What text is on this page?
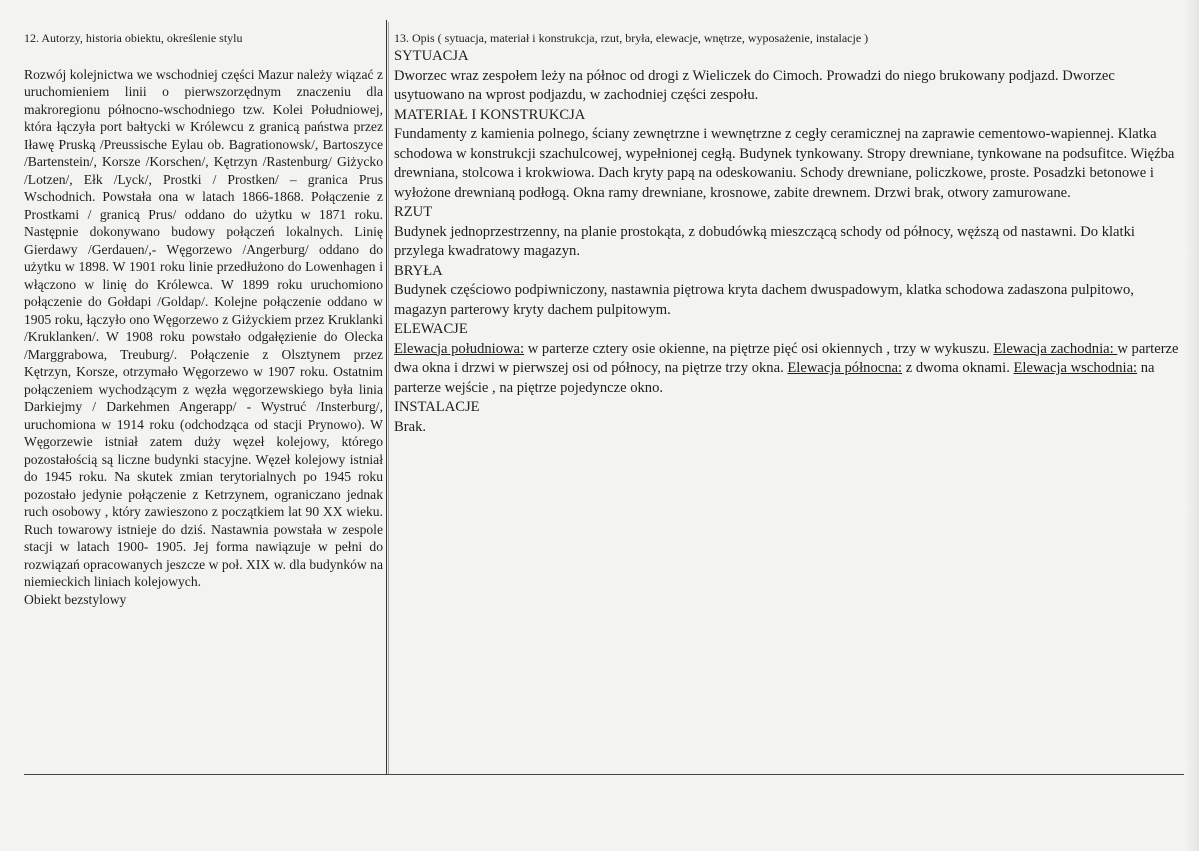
12. Autorzy, historia obiektu, określenie stylu

Rozwój kolejnictwa we wschodniej części Mazur należy wiązać z uruchomieniem linii o pierwszorzędnym znaczeniu dla makroregionu północno-wschodniego tzw. Kolei Południowej, która łączyła port bałtycki w Królewcu z granicą państwa przez Iławę Pruską /Preussische Eylau ob. Bagrationowsk/, Bartoszyce /Bartenstein/, Korsze /Korschen/, Kętrzyn /Rastenburg/ Giżycko /Lotzen/, Ełk /Lyck/, Prostki / Prostken/ – granica Prus Wschodnich. Powstała ona w latach 1866-1868. Połączenie z Prostkami / granicą Prus/ oddano do użytku w 1871 roku. Następnie dokonywano budowy połączeń lokalnych. Linię Gierdawy /Gerdauen/,- Węgorzewo /Angerburg/ oddano do użytku w 1898. W 1901 roku linie przedłużono do Lowenhagen i włączono w linię do Królewca. W 1899 roku uruchomiono połączenie do Gołdapi /Goldap/. Kolejne połączenie oddano w 1905 roku, łączyło ono Węgorzewo z Giżyckiem przez Kruklanki /Kruklanken/. W 1908 roku powstało odgałęzienie do Olecka /Marggrabowa, Treuburg/. Połączenie z Olsztynem przez Kętrzyn, Korsze, otrzymało Węgorzewo w 1907 roku. Ostatnim połączeniem wychodzącym z węzła węgorzewskiego była linia Darkiejmy / Darkehmen Angerapp/ - Wystruć /Insterburg/, uruchomiona w 1914 roku (odchodząca od stacji Prynowo). W Węgorzewie istniał zatem duży węzeł kolejowy, którego pozostałością są liczne budynki stacyjne. Węzeł kolejowy istniał do 1945 roku. Na skutek zmian terytorialnych po 1945 roku pozostało jedynie połączenie z Ketrzynem, ograniczano jednak ruch osobowy , który zawieszono z początkiem lat 90 XX wieku. Ruch towarowy istnieje do dziś. Nastawnia powstała w zespole stacji w latach 1900- 1905. Jej forma nawiązuje w pełni do rozwiązań opracowanych jeszcze w poł. XIX w. dla budynków na niemieckich liniach kolejowych.

Obiekt bezstylowy

13. Opis ( sytuacja, materiał i konstrukcja, rzut, bryła, elewacje, wnętrze, wyposażenie, instalacje )

SYTUACJA

Dworzec wraz zespołem leży na północ od drogi z Wieliczek do Cimoch. Prowadzi do niego brukowany podjazd. Dworzec usytuowano na wprost podjazdu, w zachodniej części zespołu.

MATERIAŁ I KONSTRUKCJA

Fundamenty z kamienia polnego, ściany zewnętrzne i wewnętrzne z cegły ceramicznej na zaprawie cementowo-wapiennej. Klatka schodowa w konstrukcji szachulcowej, wypełnionej cegłą. Budynek tynkowany. Stropy drewniane, tynkowane na podsufitce. Więźba drewniana, stolcowa i krokwiowa. Dach kryty papą na odeskowaniu. Schody drewniane, policzkowe, proste. Posadzki betonowe i wyłożone drewnianą podłogą. Okna ramy drewniane, krosnowe, zabite drewnem. Drzwi brak, otwory zamurowane.

RZUT

Budynek jednoprzestrzenny, na planie prostokąta, z dobudówką mieszczącą schody od północy, węższą od nastawni. Do klatki przylega kwadratowy magazyn.

BRYŁA

Budynek częściowo podpiwniczony, nastawnia piętrowa kryta dachem dwuspadowym, klatka schodowa zadaszona pulpitowo, magazyn parterowy kryty dachem pulpitowym.

ELEWACJE

Elewacja południowa: w parterze cztery osie okienne, na piętrze pięć osi okiennych , trzy w wykuszu. Elewacja zachodnia: w parterze dwa okna i drzwi w pierwszej osi od północy, na piętrze trzy okna. Elewacja północna: z dwoma oknami. Elewacja wschodnia: na parterze wejście , na piętrze pojedyncze okno.

INSTALACJE

Brak.
